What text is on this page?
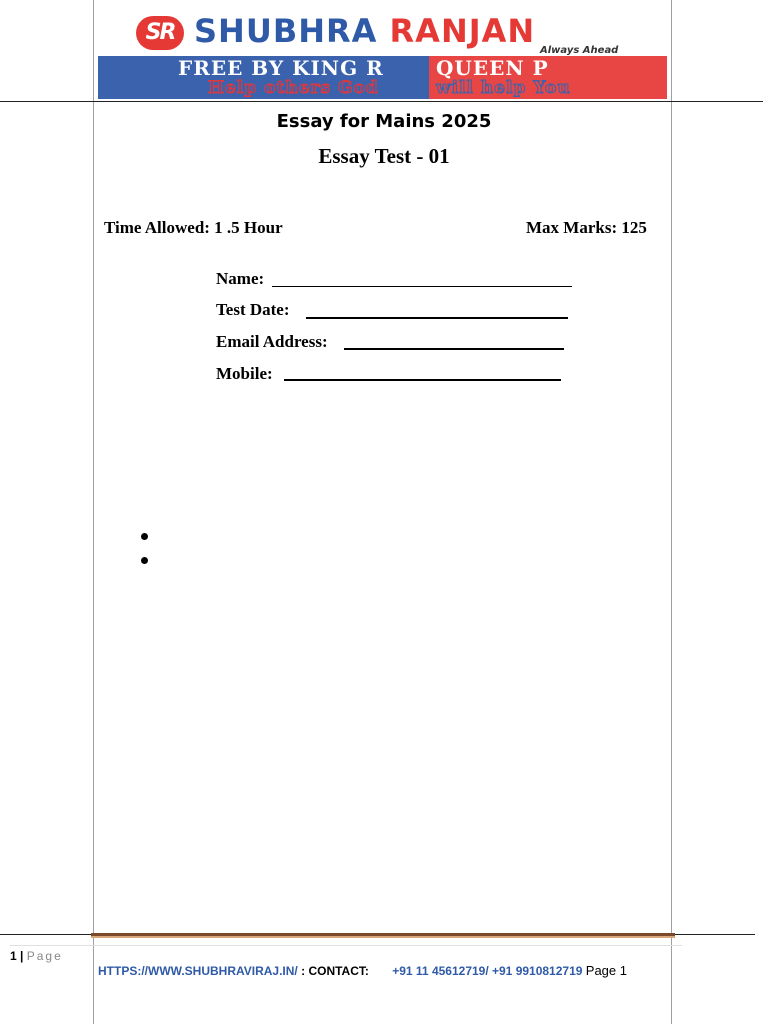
SR SHUBHRA RANJAN
Always Ahead
FREE BY KING R	QUEEN P
Help others God	will help You
Essay for Mains 2025
Essay Test - 01
Time Allowed: 1 .5 Hour	Max Marks: 125
Name:
Test Date:
Email Address:
Mobile:
1 | Page
HTTPS://WWW.SHUBHRAVIRAJ.IN/ : CONTACT: +91 11 45612719/ +91 9910812719 Page 1
